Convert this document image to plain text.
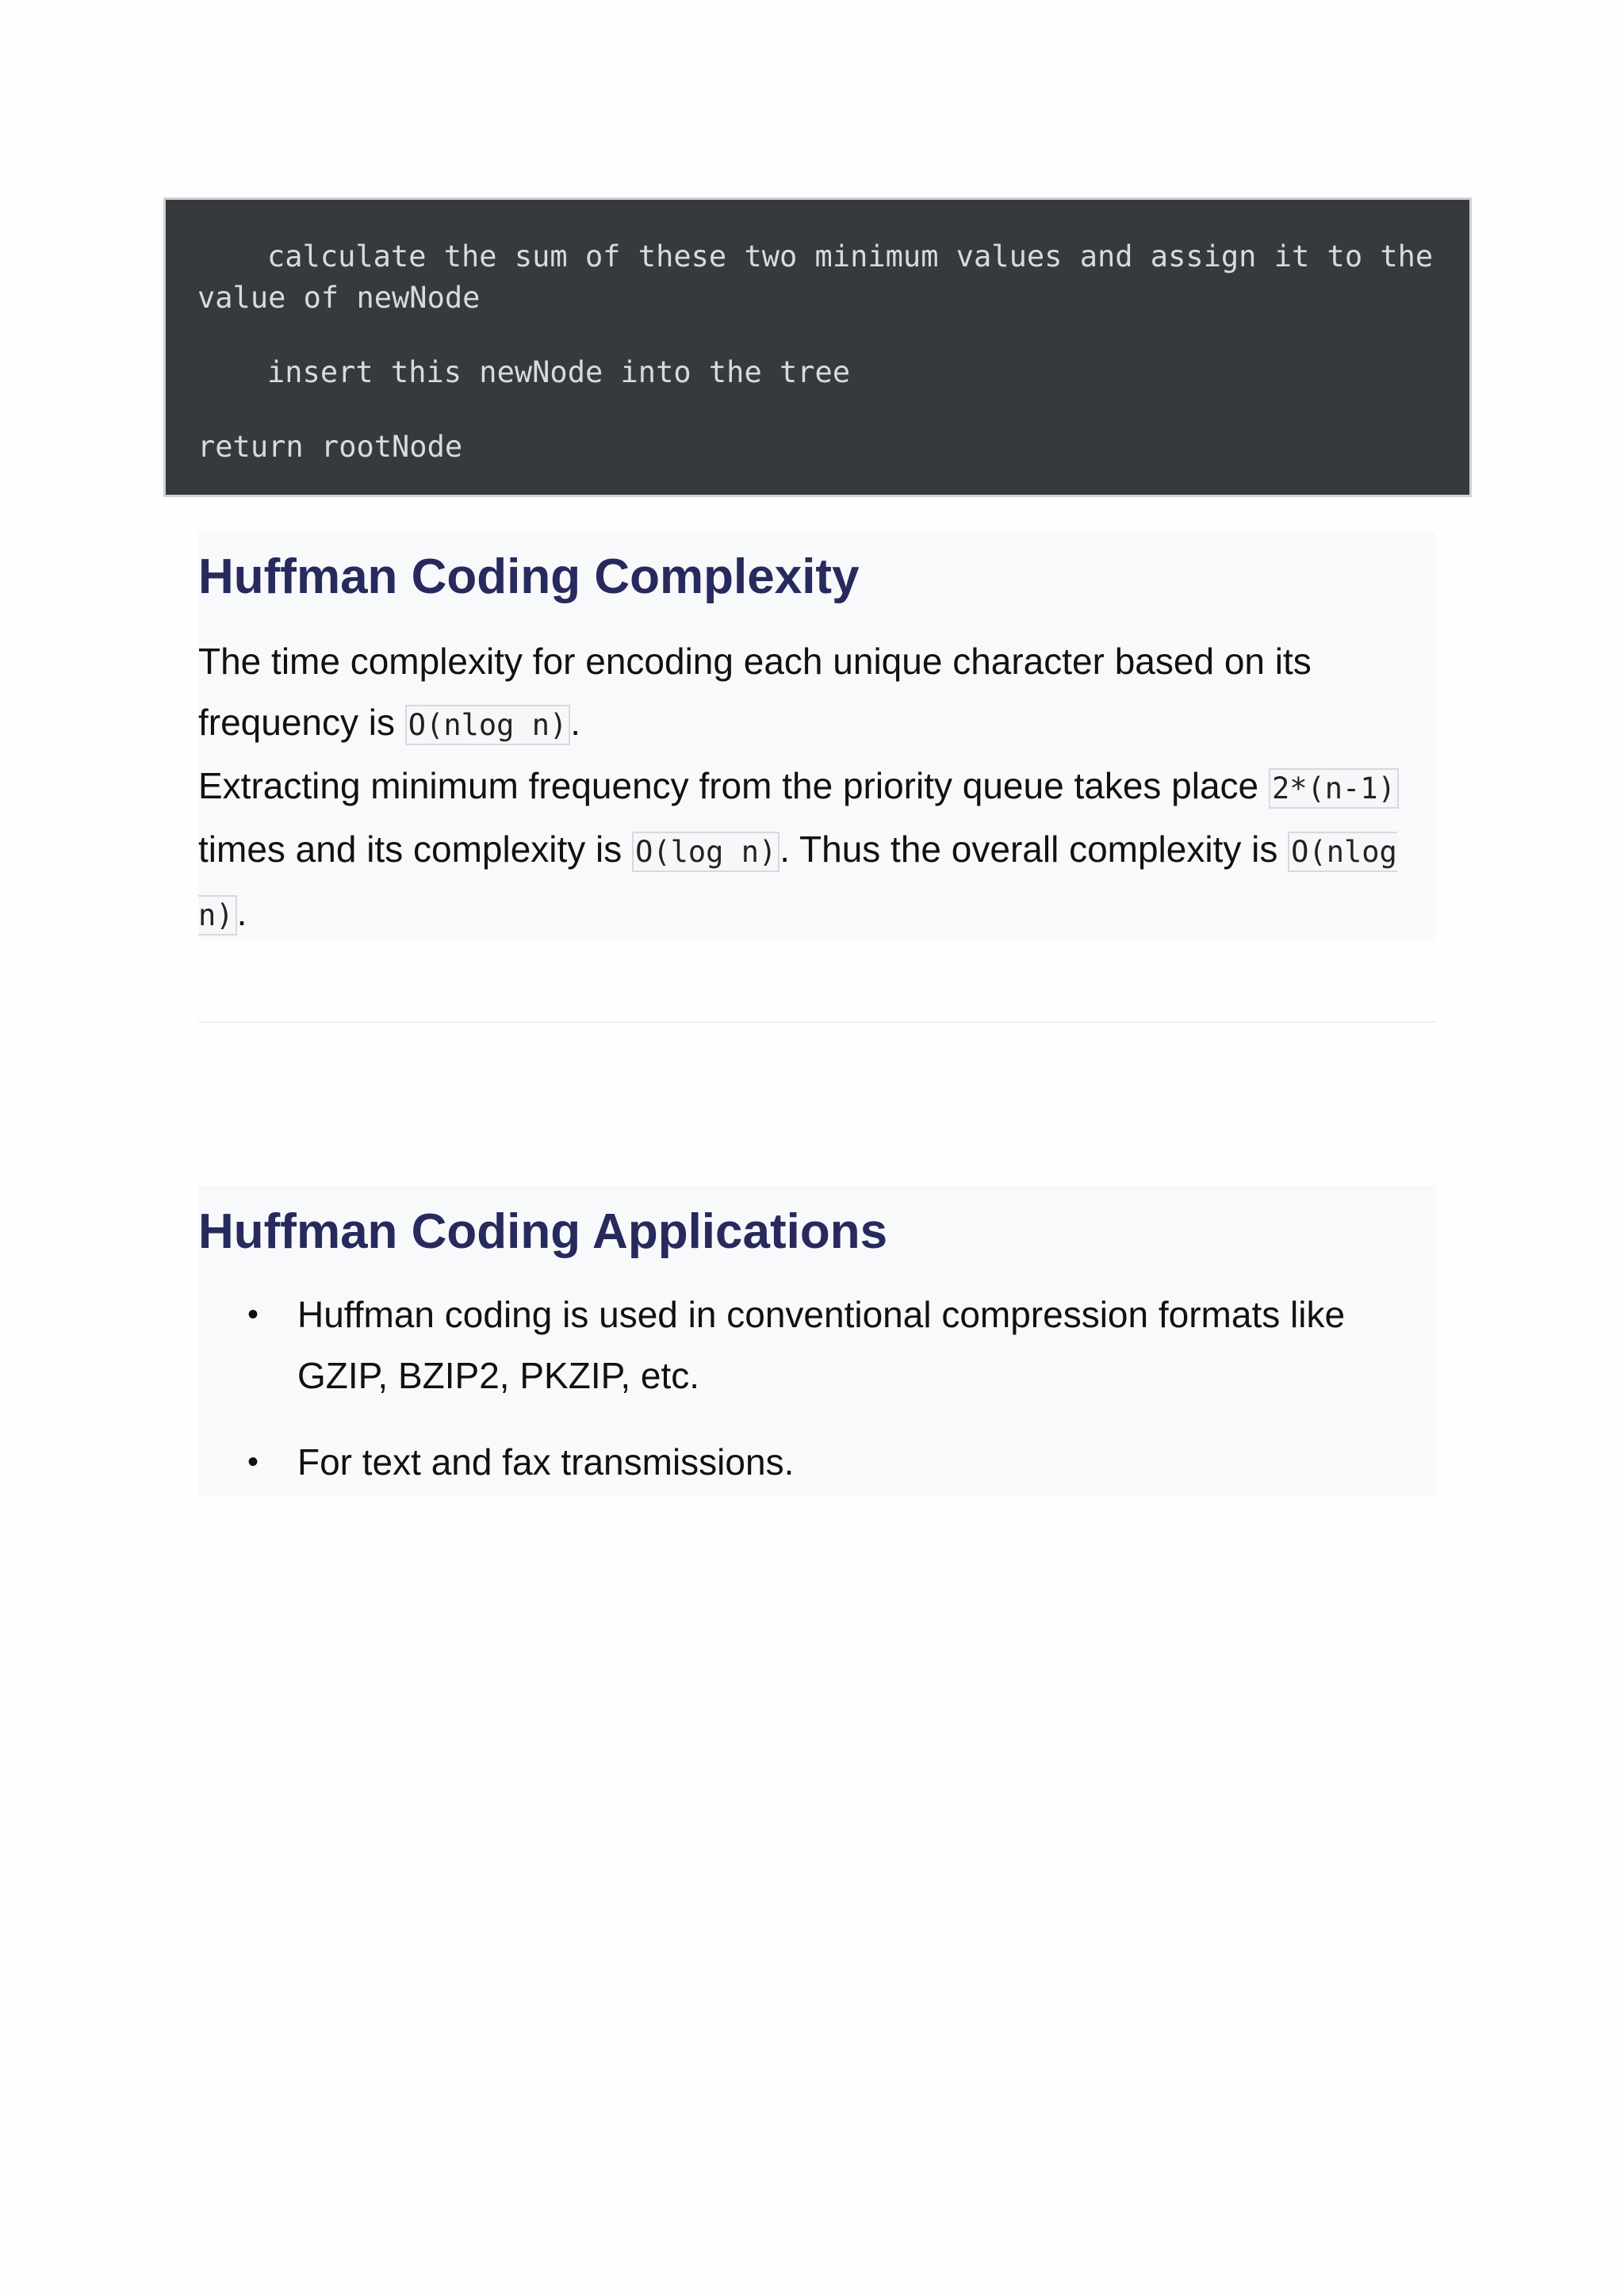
calculate the sum of these two minimum values and assign it to the value of newNode

insert this newNode into the tree

return rootNode

Huffman Coding Complexity

The time complexity for encoding each unique character based on its frequency is O(nlog n).
Extracting minimum frequency from the priority queue takes place 2*(n-1) times and its complexity is O(log n). Thus the overall complexity is O(nlog n).

Huffman Coding Applications
• Huffman coding is used in conventional compression formats like GZIP, BZIP2, PKZIP, etc.
• For text and fax transmissions.
